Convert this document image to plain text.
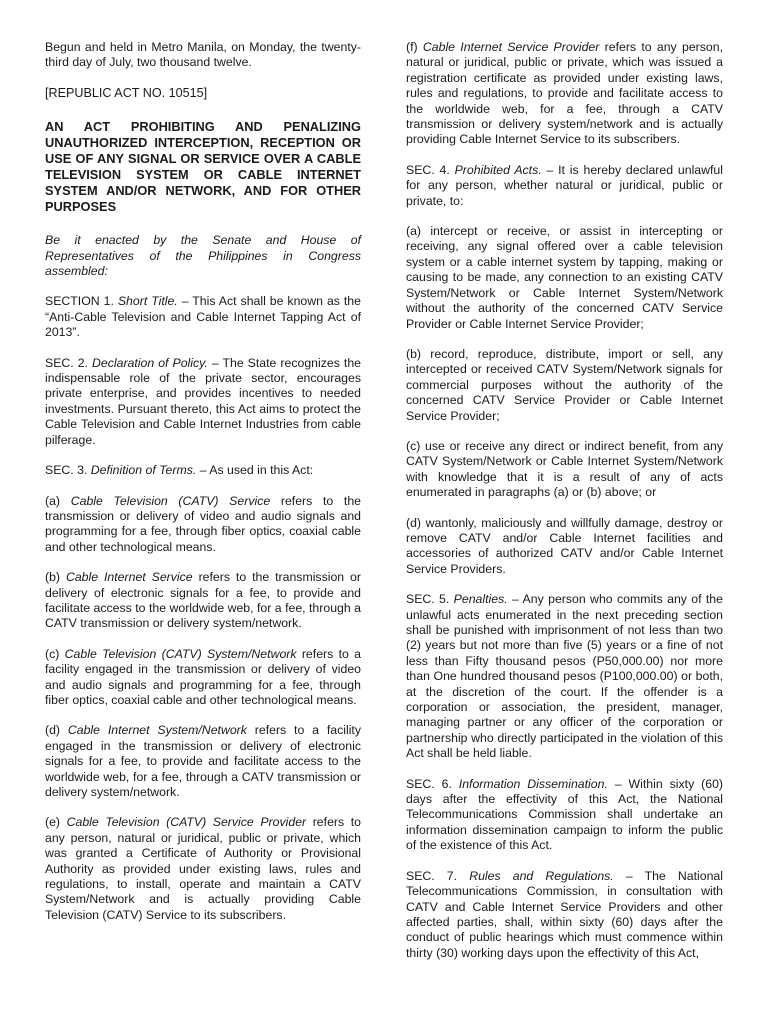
Begun and held in Metro Manila, on Monday, the twenty-third day of July, two thousand twelve.

[REPUBLIC ACT NO. 10515]

AN ACT PROHIBITING AND PENALIZING UNAUTHORIZED INTERCEPTION, RECEPTION OR USE OF ANY SIGNAL OR SERVICE OVER A CABLE TELEVISION SYSTEM OR CABLE INTERNET SYSTEM AND/OR NETWORK, AND FOR OTHER PURPOSES

Be it enacted by the Senate and House of Representatives of the Philippines in Congress assembled:

SECTION 1. Short Title. – This Act shall be known as the “Anti-Cable Television and Cable Internet Tapping Act of 2013”.

SEC. 2. Declaration of Policy. – The State recognizes the indispensable role of the private sector, encourages private enterprise, and provides incentives to needed investments. Pursuant thereto, this Act aims to protect the Cable Television and Cable Internet Industries from cable pilferage.

SEC. 3. Definition of Terms. – As used in this Act:

(a) Cable Television (CATV) Service refers to the transmission or delivery of video and audio signals and programming for a fee, through fiber optics, coaxial cable and other technological means.

(b) Cable Internet Service refers to the transmission or delivery of electronic signals for a fee, to provide and facilitate access to the worldwide web, for a fee, through a CATV transmission or delivery system/network.

(c) Cable Television (CATV) System/Network refers to a facility engaged in the transmission or delivery of video and audio signals and programming for a fee, through fiber optics, coaxial cable and other technological means.

(d) Cable Internet System/Network refers to a facility engaged in the transmission or delivery of electronic signals for a fee, to provide and facilitate access to the worldwide web, for a fee, through a CATV transmission or delivery system/network.

(e) Cable Television (CATV) Service Provider refers to any person, natural or juridical, public or private, which was granted a Certificate of Authority or Provisional Authority as provided under existing laws, rules and regulations, to install, operate and maintain a CATV System/Network and is actually providing Cable Television (CATV) Service to its subscribers.

(f) Cable Internet Service Provider refers to any person, natural or juridical, public or private, which was issued a registration certificate as provided under existing laws, rules and regulations, to provide and facilitate access to the worldwide web, for a fee, through a CATV transmission or delivery system/network and is actually providing Cable Internet Service to its subscribers.

SEC. 4. Prohibited Acts. – It is hereby declared unlawful for any person, whether natural or juridical, public or private, to:

(a) intercept or receive, or assist in intercepting or receiving, any signal offered over a cable television system or a cable internet system by tapping, making or causing to be made, any connection to an existing CATV System/Network or Cable Internet System/Network without the authority of the concerned CATV Service Provider or Cable Internet Service Provider;

(b) record, reproduce, distribute, import or sell, any intercepted or received CATV System/Network signals for commercial purposes without the authority of the concerned CATV Service Provider or Cable Internet Service Provider;

(c) use or receive any direct or indirect benefit, from any CATV System/Network or Cable Internet System/Network with knowledge that it is a result of any of acts enumerated in paragraphs (a) or (b) above; or

(d) wantonly, maliciously and willfully damage, destroy or remove CATV and/or Cable Internet facilities and accessories of authorized CATV and/or Cable Internet Service Providers.

SEC. 5. Penalties. – Any person who commits any of the unlawful acts enumerated in the next preceding section shall be punished with imprisonment of not less than two (2) years but not more than five (5) years or a fine of not less than Fifty thousand pesos (P50,000.00) nor more than One hundred thousand pesos (P100,000.00) or both, at the discretion of the court. If the offender is a corporation or association, the president, manager, managing partner or any officer of the corporation or partnership who directly participated in the violation of this Act shall be held liable.

SEC. 6. Information Dissemination. – Within sixty (60) days after the effectivity of this Act, the National Telecommunications Commission shall undertake an information dissemination campaign to inform the public of the existence of this Act.

SEC. 7. Rules and Regulations. – The National Telecommunications Commission, in consultation with CATV and Cable Internet Service Providers and other affected parties, shall, within sixty (60) days after the conduct of public hearings which must commence within thirty (30) working days upon the effectivity of this Act,
